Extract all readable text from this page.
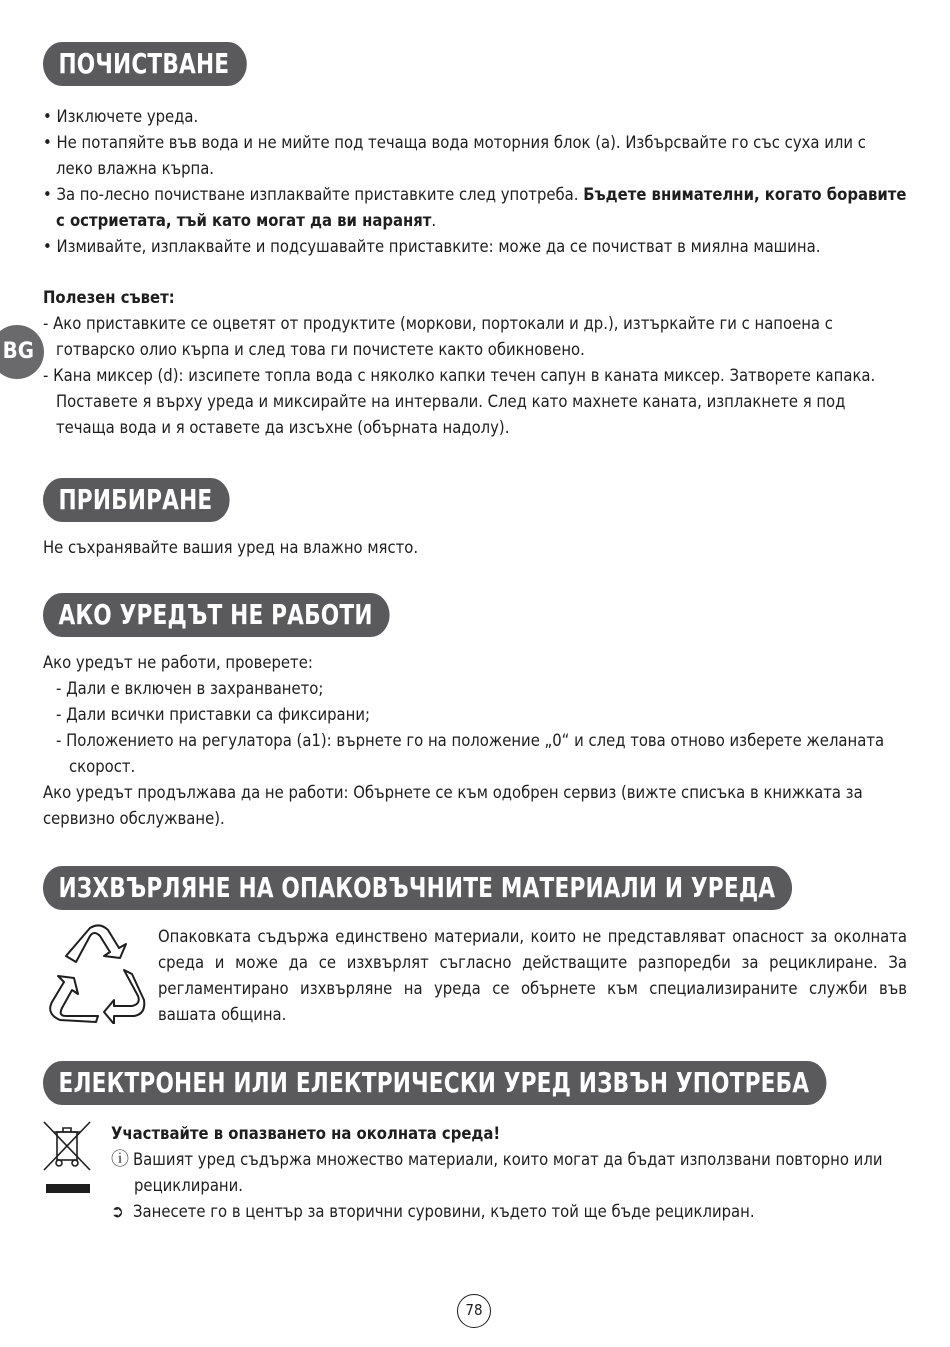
BG
ПОЧИСТВАНЕ

• Изключете уреда.

• Не потапяйте във вода и не мийте под течаща вода моторния блок (a). Избърсвайте го със суха или с леко влажна кърпа.

• За по-лесно почистване изплаквайте приставките след употреба. Бъдете внимателни, когато боравите с остриетата, тъй като могат да ви наранят.

• Измивайте, изплаквайте и подсушавайте приставките: може да се почистват в миялна машина.

Полезен съвет:

- Ако приставките се оцветят от продуктите (моркови, портокали и др.), изтъркайте ги с напоена с готварско олио кърпа и след това ги почистете както обикновено.

- Кана миксер (d): изсипете топла вода с няколко капки течен сапун в каната миксер. Затворете капака. Поставете я върху уреда и миксирайте на интервали. След като махнете каната, изплакнете я под течаща вода и я оставете да изсъхне (обърната надолу).

ПРИБИРАНЕ
Не съхранявайте вашия уред на влажно място.
АКО УРЕДЪТ НЕ РАБОТИ

Ако уредът не работи, проверете:

- Дали е включен в захранването;

- Дали всички приставки са фиксирани;

- Положението на регулатора (a1): върнете го на положение „0“ и след това отново изберете желаната скорост.

Ако уредът продължава да не работи: Обърнете се към одобрен сервиз (вижте списъка в книжката за сервизно обслужване).

ИЗХВЪРЛЯНЕ НА ОПАКОВЪЧНИТЕ МАТЕРИАЛИ И УРЕДА
Опаковката съдържа единствено материали, които не представляват опасност за околната среда и може да се изхвърлят съгласно действащите разпоредби за рециклиране. За регламентирано изхвърляне на уреда се обърнете към специализираните служби във вашата община.
ЕЛЕКТРОНЕН ИЛИ ЕЛЕКТРИЧЕСКИ УРЕД ИЗВЪН УПОТРЕБА

Участвайте в опазването на околната среда!

ⓘ Вашият уред съдържа множество материали, които могат да бъдат използвани повторно или рециклирани.

➲ Занесете го в център за вторични суровини, където той ще бъде рециклиран.

78
